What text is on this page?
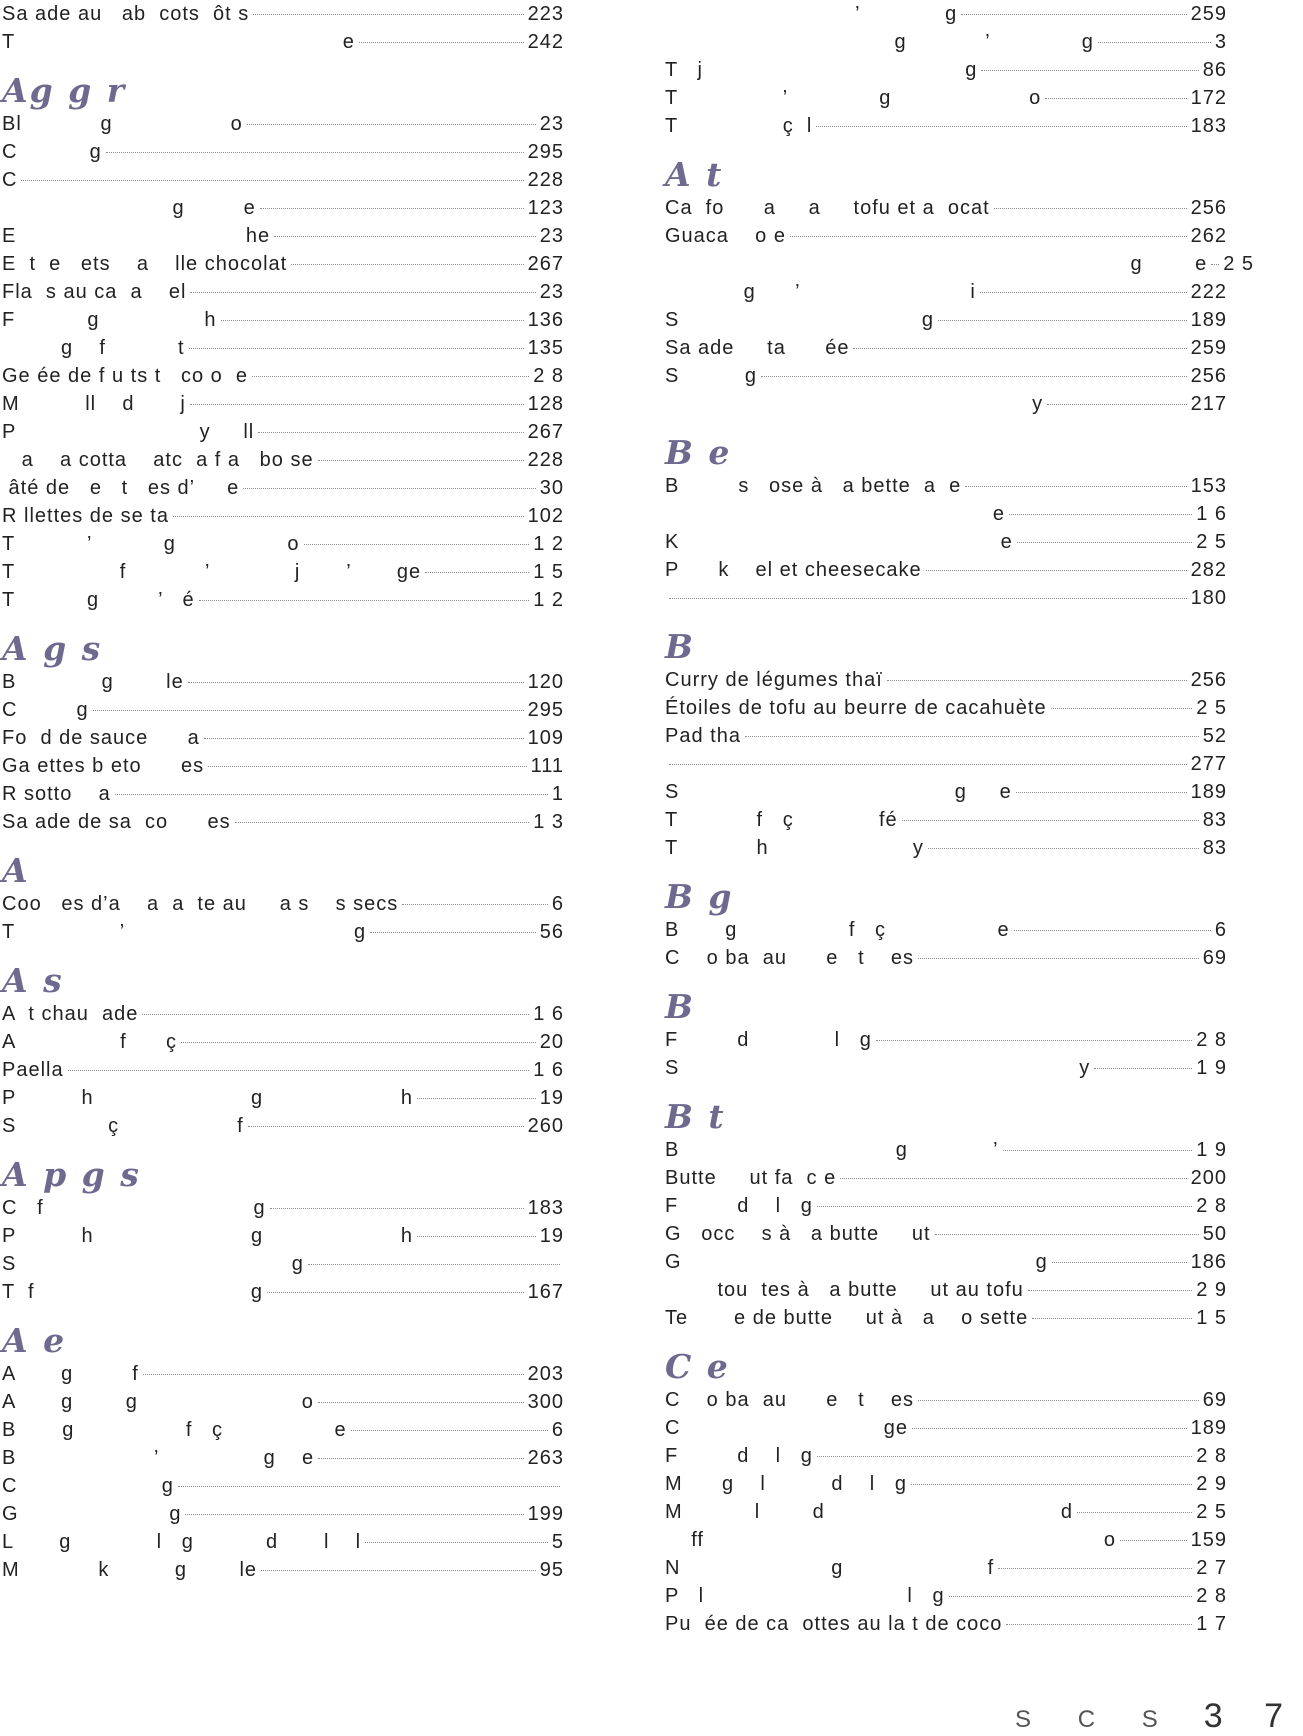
Sa ade au   ab  cots  ôt s	223
T                                                  e	242
Ag g r
Bl            g                  o	23
C           g	295
C	228
g         e	123
E                                   he	23
E  t  e   ets    a    lle chocolat	267
Fla  s au ca  a    el	23
F           g                h	136
g    f           t	135
Ge ée de f u ts t   co o  e	2 8
M          ll    d       j	128
P                            y     ll	267
a    a cotta    atc  a f a   bo se	228
âté de   e   t   es d’     e	30
R llettes de se ta	102
T           ’           g                 o	1 2
T                f            ’             j       ’       ge	1 5
T           g         ’   é	1 2
A g s
B             g        le	120
C         g	295
Fo  d de sauce      a	109
Ga ettes b eto      es	111
R sotto    a	1
Sa ade de sa  co      es	1 3
A
Coo   es d’a    a  a  te au     a s    s secs	6
T                ’                                   g	56
A s
A  t chau  ade	1 6
A                f      ç	20
Paella	1 6
P          h                        g                     h	19
S              ç                  f	260
A p g s
C   f                                g	183
P          h                        g                     h	19
S                                          g
T  f                                 g	167
A e
A       g         f	203
A       g        g                         o	300
B       g                 f   ç                 e	6
B                     ’                g    e	263
C                      g
G                       g	199
L       g             l   g           d       l    l	5
M            k          g        le	95
’             g	259
g            ’              g	3
T   j                                        g	86
T                ’              g                     o	172
T                ç  l	183
A t
Ca  fo      a     a     tofu et a  ocat	256
Guaca    o e	262
g        e 2 5
g      ’                          i	222
S                                     g	189
Sa ade     ta      ée	259
S          g	256
y	217
B e
B         s   ose à   a bette  a  e	153
e	1 6
K                                                 e	2 5
P      k    el et cheesecake	282
180
B
Curry de légumes thaï	256
Étoiles de tofu au beurre de cacahuète	2 5
Pad tha	52
277
S                                          g     e	189
T            f   ç             fé	83
T            h                      y	83
B g
B       g                 f   ç                 e	6
C    o ba  au      e   t    es	69
B
F         d             l   g	2 8
S                                                             y	1 9
B t
B                                 g             ’	1 9
Butte     ut fa  c e	200
F         d    l   g	2 8
G   occ    s à   a butte     ut	50
G                                                      g	186
tou  tes à   a butte     ut au tofu	2 9
Te       e de butte     ut à   a    o sette	1 5
C e
C    o ba  au      e   t    es	69
C                               ge	189
F         d    l   g	2 8
M      g    l          d    l   g	2 9
M           l        d                                    d	2 5
ff                                                             o	159
N                       g                      f	2 7
P   l                               l   g	2 8
Pu  ée de ca  ottes au la t de coco	1 7
S C S 3 7
